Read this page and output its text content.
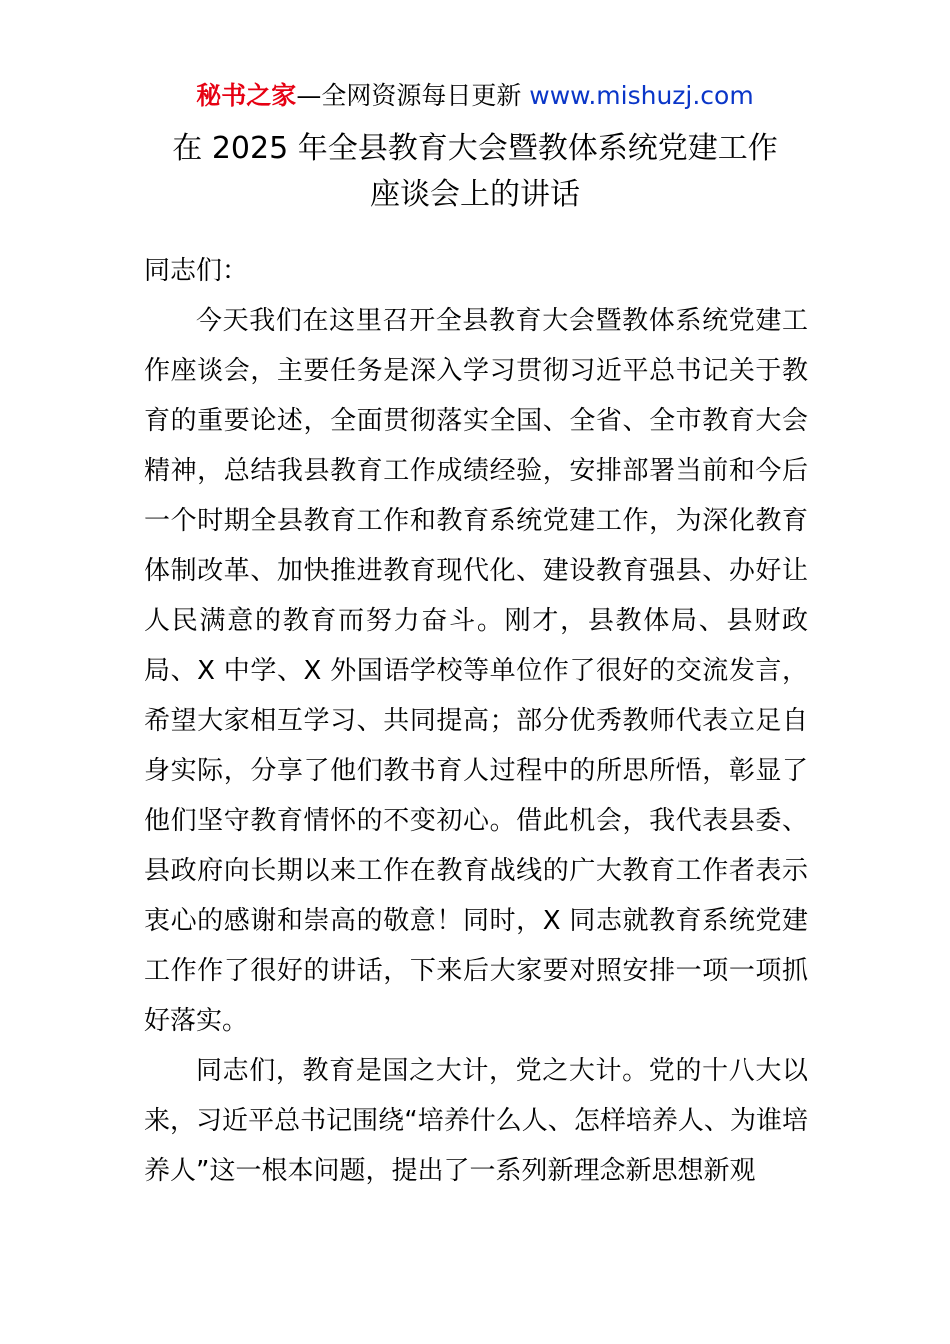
秘书之家—全网资源每日更新 www.mishuzj.com
在 2025 年全县教育大会暨教体系统党建工作
座谈会上的讲话

同志们：

今天我们在这里召开全县教育大会暨教体系统党建工作座谈会，主要任务是深入学习贯彻习近平总书记关于教育的重要论述，全面贯彻落实全国、全省、全市教育大会精神，总结我县教育工作成绩经验，安排部署当前和今后一个时期全县教育工作和教育系统党建工作，为深化教育体制改革、加快推进教育现代化、建设教育强县、办好让人民满意的教育而努力奋斗。刚才，县教体局、县财政局、X 中学、X 外国语学校等单位作了很好的交流发言，希望大家相互学习、共同提高；部分优秀教师代表立足自身实际，分享了他们教书育人过程中的所思所悟，彰显了他们坚守教育情怀的不变初心。借此机会，我代表县委、县政府向长期以来工作在教育战线的广大教育工作者表示衷心的感谢和崇高的敬意！同时，X 同志就教育系统党建工作作了很好的讲话，下来后大家要对照安排一项一项抓好落实。

同志们，教育是国之大计，党之大计。党的十八大以来，习近平总书记围绕“培养什么人、怎样培养人、为谁培养人”这一根本问题，提出了一系列新理念新思想新观
